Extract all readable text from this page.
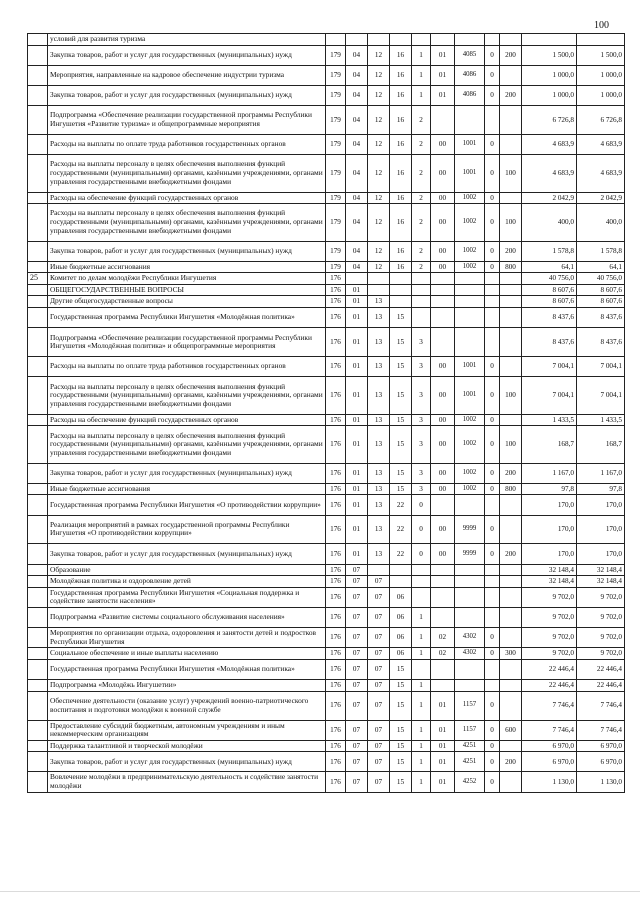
100
	условий для развития туризма											
	Закупка товаров, работ и услуг для государственных (муниципальных) нужд	179	04	12	16	1	01	4085	0	200	1 500,0	1 500,0
	Мероприятия, направленные на кадровое обеспечение индустрии туризма	179	04	12	16	1	01	4086	0		1 000,0	1 000,0
	Закупка товаров, работ и услуг для государственных (муниципальных) нужд	179	04	12	16	1	01	4086	0	200	1 000,0	1 000,0
	Подпрограмма «Обеспечение реализации государственной программы Республики Ингушетия «Развитие туризма» и общепрограммные мероприятия	179	04	12	16	2					6 726,8	6 726,8
	Расходы на выплаты по оплате труда работников государственных органов	179	04	12	16	2	00	1001	0		4 683,9	4 683,9
	Расходы на выплаты персоналу в целях обеспечения выполнения функций государственными (муниципальными) органами, казёнными учреждениями, органами управления государственными внебюджетными фондами	179	04	12	16	2	00	1001	0	100	4 683,9	4 683,9
	Расходы на обеспечение функций государственных органов	179	04	12	16	2	00	1002	0		2 042,9	2 042,9
	Расходы на выплаты персоналу в целях обеспечения выполнения функций государственными (муниципальными) органами, казёнными учреждениями, органами управления государственными внебюджетными фондами	179	04	12	16	2	00	1002	0	100	400,0	400,0
	Закупка товаров, работ и услуг для государственных (муниципальных) нужд	179	04	12	16	2	00	1002	0	200	1 578,8	1 578,8
	Иные бюджетные ассигнования	179	04	12	16	2	00	1002	0	800	64,1	64,1
25	Комитет по делам молодёжи Республики Ингушетия	176									40 756,0	40 756,0
	ОБЩЕГОСУДАРСТВЕННЫЕ ВОПРОСЫ	176	01								8 607,6	8 607,6
	Другие общегосударственные вопросы	176	01	13							8 607,6	8 607,6
	Государственная программа Республики Ингушетия «Молодёжная политика»	176	01	13	15						8 437,6	8 437,6
	Подпрограмма «Обеспечение реализации государственной программы Республики Ингушетия «Молодёжная политика» и общепрограммные мероприятия	176	01	13	15	3					8 437,6	8 437,6
	Расходы на выплаты по оплате труда работников государственных органов	176	01	13	15	3	00	1001	0		7 004,1	7 004,1
	Расходы на выплаты персоналу в целях обеспечения выполнения функций государственными (муниципальными) органами, казёнными учреждениями, органами управления государственными внебюджетными фондами	176	01	13	15	3	00	1001	0	100	7 004,1	7 004,1
	Расходы на обеспечение функций государственных органов	176	01	13	15	3	00	1002	0		1 433,5	1 433,5
	Расходы на выплаты персоналу в целях обеспечения выполнения функций государственными (муниципальными) органами, казёнными учреждениями, органами управления государственными внебюджетными фондами	176	01	13	15	3	00	1002	0	100	168,7	168,7
	Закупка товаров, работ и услуг для государственных (муниципальных) нужд	176	01	13	15	3	00	1002	0	200	1 167,0	1 167,0
	Иные бюджетные ассигнования	176	01	13	15	3	00	1002	0	800	97,8	97,8
	Государственная программа Республики Ингушетия «О противодействии коррупции»	176	01	13	22	0					170,0	170,0
	Реализация мероприятий в рамках государственной программы Республики Ингушетия «О противодействии коррупции»	176	01	13	22	0	00	9999	0		170,0	170,0
	Закупка товаров, работ и услуг для государственных (муниципальных) нужд	176	01	13	22	0	00	9999	0	200	170,0	170,0
	Образование	176	07								32 148,4	32 148,4
	Молодёжная политика и оздоровление детей	176	07	07							32 148,4	32 148,4
	Государственная программа Республики Ингушетия «Социальная поддержка и содействие занятости населения»	176	07	07	06						9 702,0	9 702,0
	Подпрограмма «Развитие системы социального обслуживания населения»	176	07	07	06	1					9 702,0	9 702,0
	Мероприятия по организации отдыха, оздоровления и занятости детей и подростков Республики Ингушетия	176	07	07	06	1	02	4302	0		9 702,0	9 702,0
	Социальное обеспечение и иные выплаты населению	176	07	07	06	1	02	4302	0	300	9 702,0	9 702,0
	Государственная программа Республики Ингушетия «Молодёжная политика»	176	07	07	15						22 446,4	22 446,4
	Подпрограмма «Молодёжь Ингушетии»	176	07	07	15	1					22 446,4	22 446,4
	Обеспечение деятельности (оказание услуг) учреждений военно-патриотического воспитания и подготовки молодёжи к военной службе	176	07	07	15	1	01	1157	0		7 746,4	7 746,4
	Предоставление субсидий бюджетным, автономным учреждениям и иным некоммерческим организациям	176	07	07	15	1	01	1157	0	600	7 746,4	7 746,4
	Поддержка талантливой и творческой молодёжи	176	07	07	15	1	01	4251	0		6 970,0	6 970,0
	Закупка товаров, работ и услуг для государственных (муниципальных) нужд	176	07	07	15	1	01	4251	0	200	6 970,0	6 970,0
	Вовлечение молодёжи в предпринимательскую деятельность и содействие занятости молодёжи	176	07	07	15	1	01	4252	0		1 130,0	1 130,0
